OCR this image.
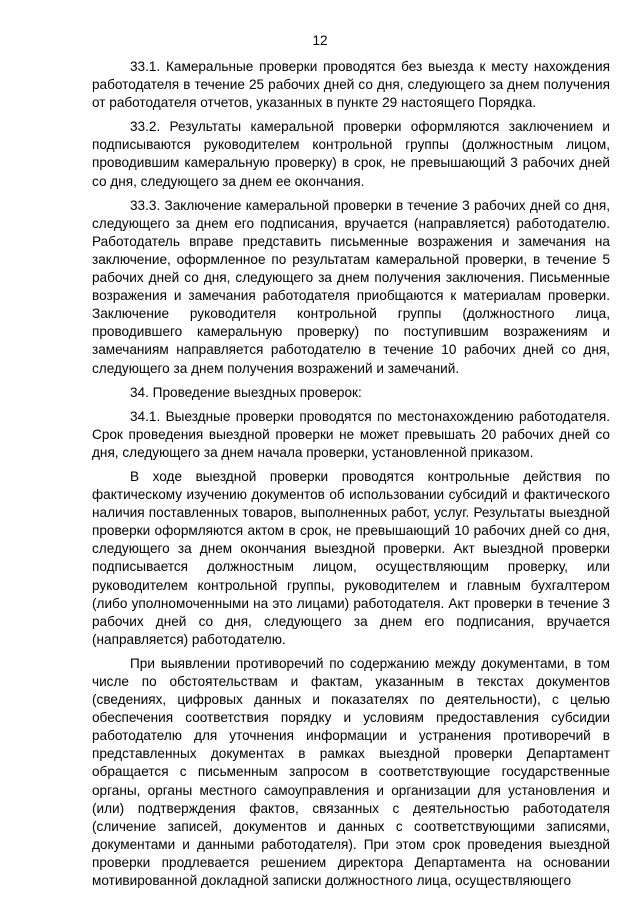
12

33.1. Камеральные проверки проводятся без выезда к месту нахождения работодателя в течение 25 рабочих дней со дня, следующего за днем получения от работодателя отчетов, указанных в пункте 29 настоящего Порядка.

33.2. Результаты камеральной проверки оформляются заключением и подписываются руководителем контрольной группы (должностным лицом, проводившим камеральную проверку) в срок, не превышающий 3 рабочих дней со дня, следующего за днем ее окончания.

33.3. Заключение камеральной проверки в течение 3 рабочих дней со дня, следующего за днем его подписания, вручается (направляется) работодателю. Работодатель вправе представить письменные возражения и замечания на заключение, оформленное по результатам камеральной проверки, в течение 5 рабочих дней со дня, следующего за днем получения заключения. Письменные возражения и замечания работодателя приобщаются к материалам проверки. Заключение руководителя контрольной группы (должностного лица, проводившего камеральную проверку) по поступившим возражениям и замечаниям направляется работодателю в течение 10 рабочих дней со дня, следующего за днем получения возражений и замечаний.

34. Проведение выездных проверок:

34.1. Выездные проверки проводятся по местонахождению работодателя. Срок проведения выездной проверки не может превышать 20 рабочих дней со дня, следующего за днем начала проверки, установленной приказом.

В ходе выездной проверки проводятся контрольные действия по фактическому изучению документов об использовании субсидий и фактического наличия поставленных товаров, выполненных работ, услуг. Результаты выездной проверки оформляются актом в срок, не превышающий 10 рабочих дней со дня, следующего за днем окончания выездной проверки. Акт выездной проверки подписывается должностным лицом, осуществляющим проверку, или руководителем контрольной группы, руководителем и главным бухгалтером (либо уполномоченными на это лицами) работодателя. Акт проверки в течение 3 рабочих дней со дня, следующего за днем его подписания, вручается (направляется) работодателю.

При выявлении противоречий по содержанию между документами, в том числе по обстоятельствам и фактам, указанным в текстах документов (сведениях, цифровых данных и показателях по деятельности), с целью обеспечения соответствия порядку и условиям предоставления субсидии работодателю для уточнения информации и устранения противоречий в представленных документах в рамках выездной проверки Департамент обращается с письменным запросом в соответствующие государственные органы, органы местного самоуправления и организации для установления и (или) подтверждения фактов, связанных с деятельностью работодателя (сличение записей, документов и данных с соответствующими записями, документами и данными работодателя). При этом срок проведения выездной проверки продлевается решением директора Департамента на основании мотивированной докладной записки должностного лица, осуществляющего
